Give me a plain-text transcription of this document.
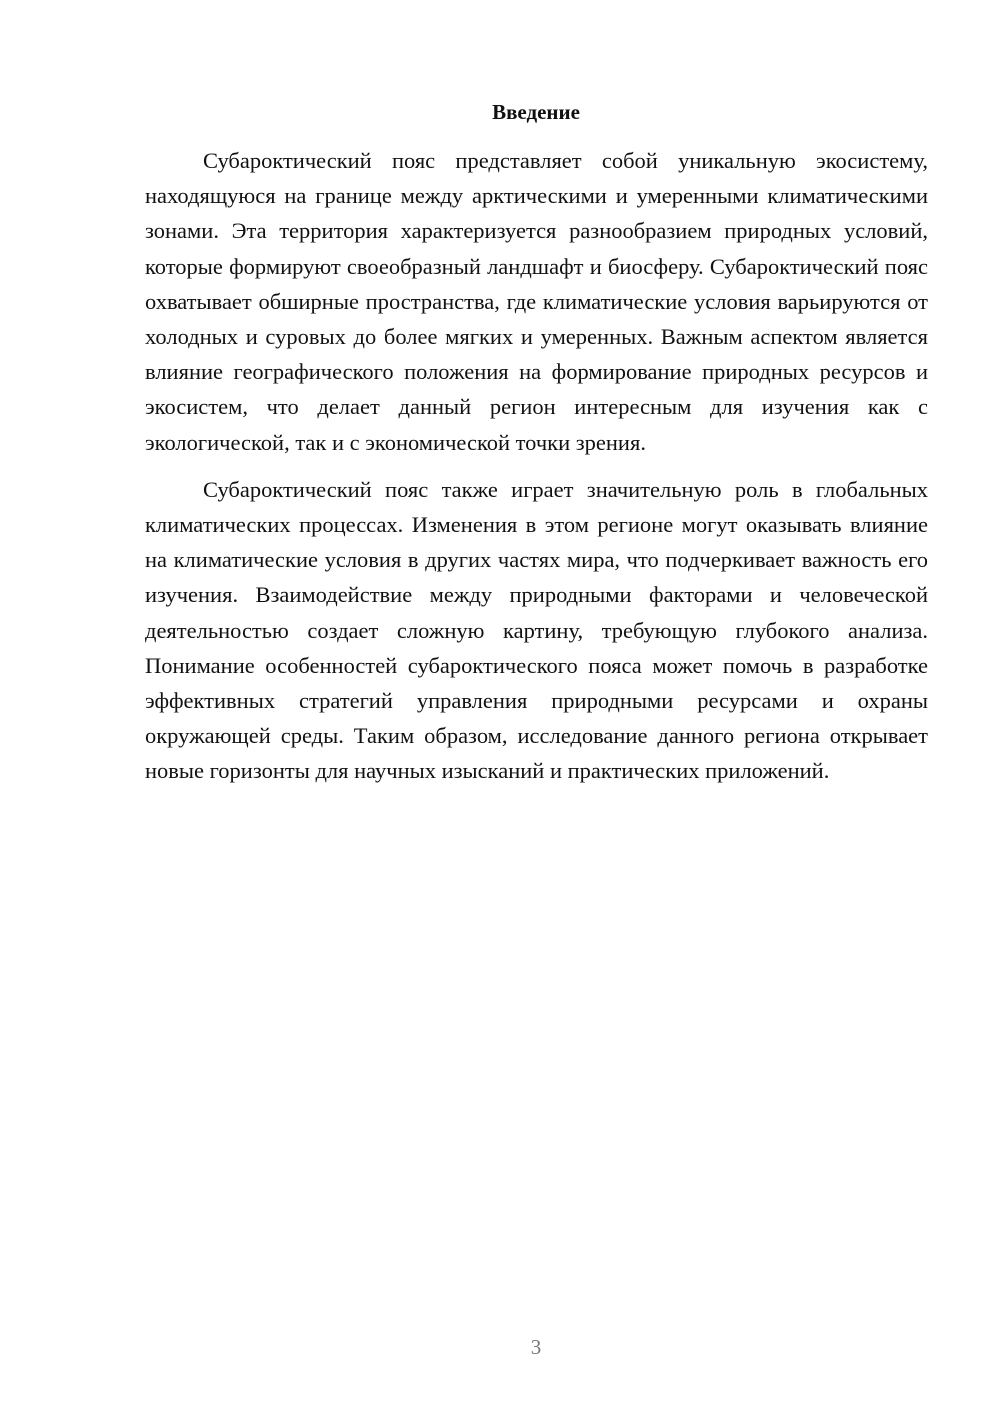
Введение

Субароктический пояс представляет собой уникальную экосистему, находящуюся на границе между арктическими и умеренными климатическими зонами. Эта территория характеризуется разнообразием природных условий, которые формируют своеобразный ландшафт и биосферу. Субароктический пояс охватывает обширные пространства, где климатические условия варьируются от холодных и суровых до более мягких и умеренных. Важным аспектом является влияние географического положения на формирование природных ресурсов и экосистем, что делает данный регион интересным для изучения как с экологической, так и с экономической точки зрения.

Субароктический пояс также играет значительную роль в глобальных климатических процессах. Изменения в этом регионе могут оказывать влияние на климатические условия в других частях мира, что подчеркивает важность его изучения. Взаимодействие между природными факторами и человеческой деятельностью создает сложную картину, требующую глубокого анализа. Понимание особенностей субароктического пояса может помочь в разработке эффективных стратегий управления природными ресурсами и охраны окружающей среды. Таким образом, исследование данного региона открывает новые горизонты для научных изысканий и практических приложений.

3
